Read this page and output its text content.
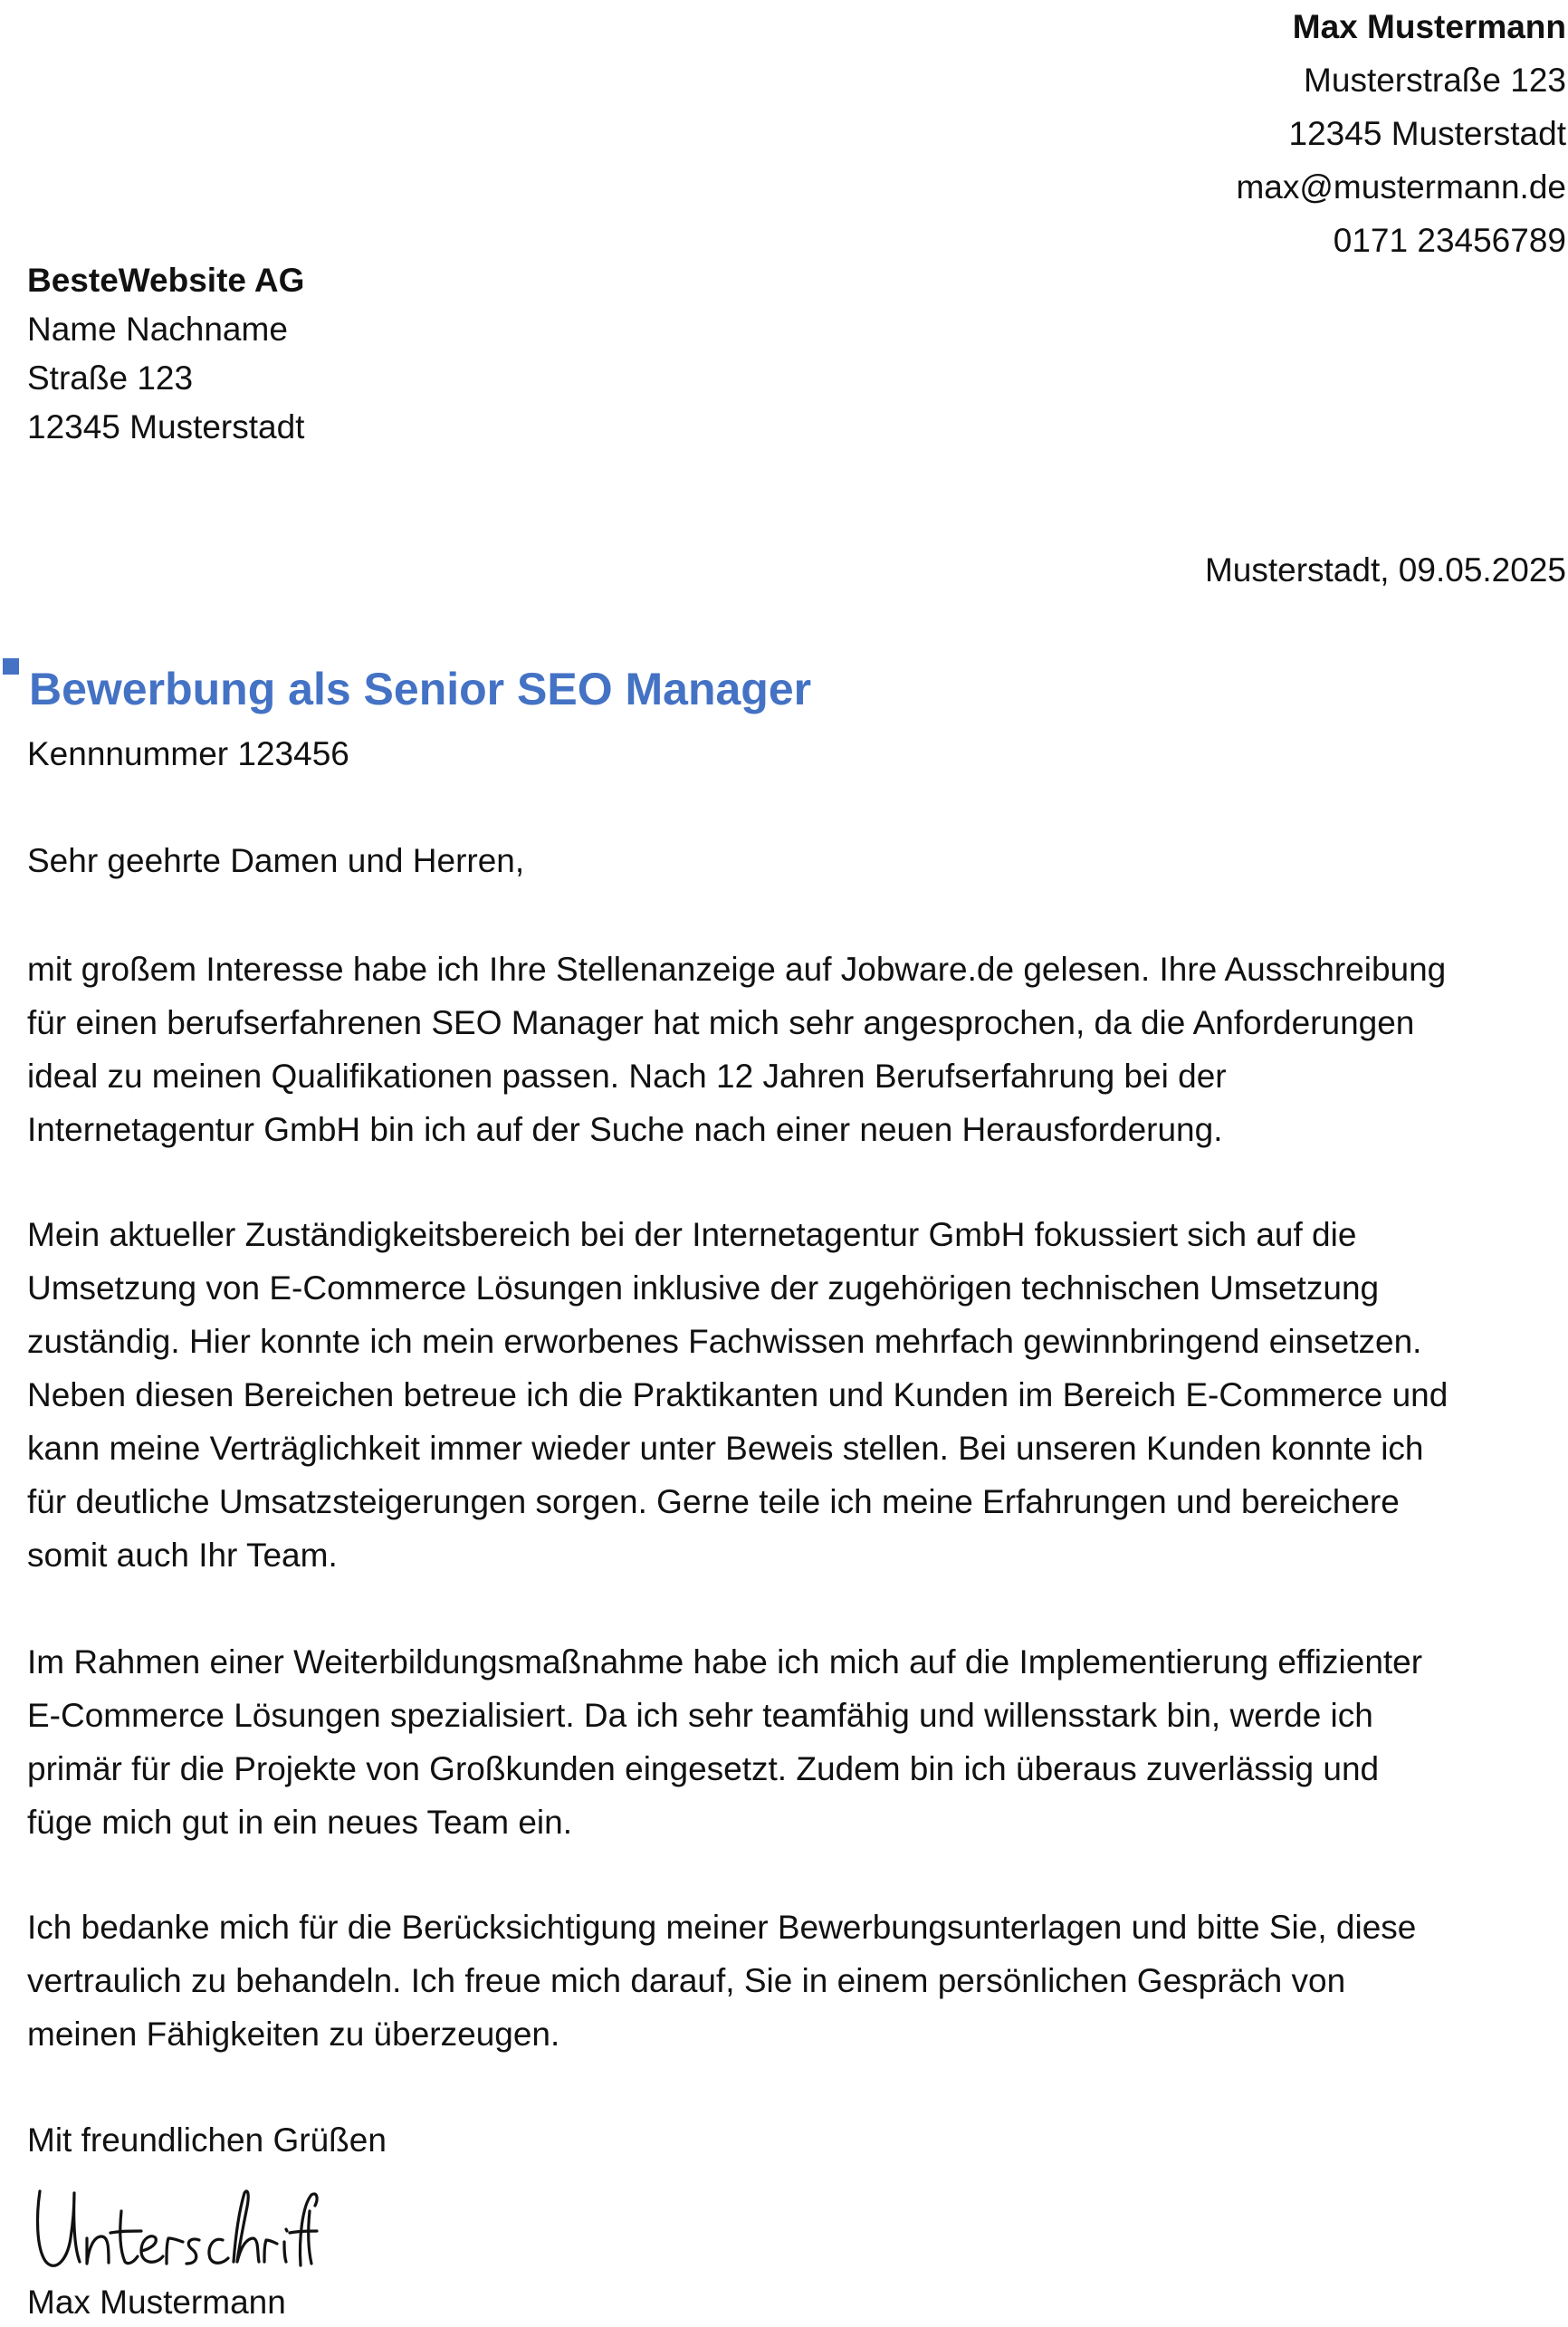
Max Mustermann
Musterstraße 123
12345 Musterstadt
max@mustermann.de
0171 23456789
BesteWebsite AG
Name Nachname
Straße 123
12345 Musterstadt
Musterstadt, 09.05.2025
Bewerbung als Senior SEO Manager
Kennnummer 123456
Sehr geehrte Damen und Herren,
mit großem Interesse habe ich Ihre Stellenanzeige auf Jobware.de gelesen. Ihre Ausschreibung
für einen berufserfahrenen SEO Manager hat mich sehr angesprochen, da die Anforderungen
ideal zu meinen Qualifikationen passen. Nach 12 Jahren Berufserfahrung bei der
Internetagentur GmbH bin ich auf der Suche nach einer neuen Herausforderung.
Mein aktueller Zuständigkeitsbereich bei der Internetagentur GmbH fokussiert sich auf die
Umsetzung von E-Commerce Lösungen inklusive der zugehörigen technischen Umsetzung
zuständig. Hier konnte ich mein erworbenes Fachwissen mehrfach gewinnbringend einsetzen.
Neben diesen Bereichen betreue ich die Praktikanten und Kunden im Bereich E-Commerce und
kann meine Verträglichkeit immer wieder unter Beweis stellen. Bei unseren Kunden konnte ich
für deutliche Umsatzsteigerungen sorgen. Gerne teile ich meine Erfahrungen und bereichere
somit auch Ihr Team.
Im Rahmen einer Weiterbildungsmaßnahme habe ich mich auf die Implementierung effizienter
E-Commerce Lösungen spezialisiert. Da ich sehr teamfähig und willensstark bin, werde ich
primär für die Projekte von Großkunden eingesetzt. Zudem bin ich überaus zuverlässig und
füge mich gut in ein neues Team ein.
Ich bedanke mich für die Berücksichtigung meiner Bewerbungsunterlagen und bitte Sie, diese
vertraulich zu behandeln. Ich freue mich darauf, Sie in einem persönlichen Gespräch von
meinen Fähigkeiten zu überzeugen.
Mit freundlichen Grüßen
Max Mustermann
